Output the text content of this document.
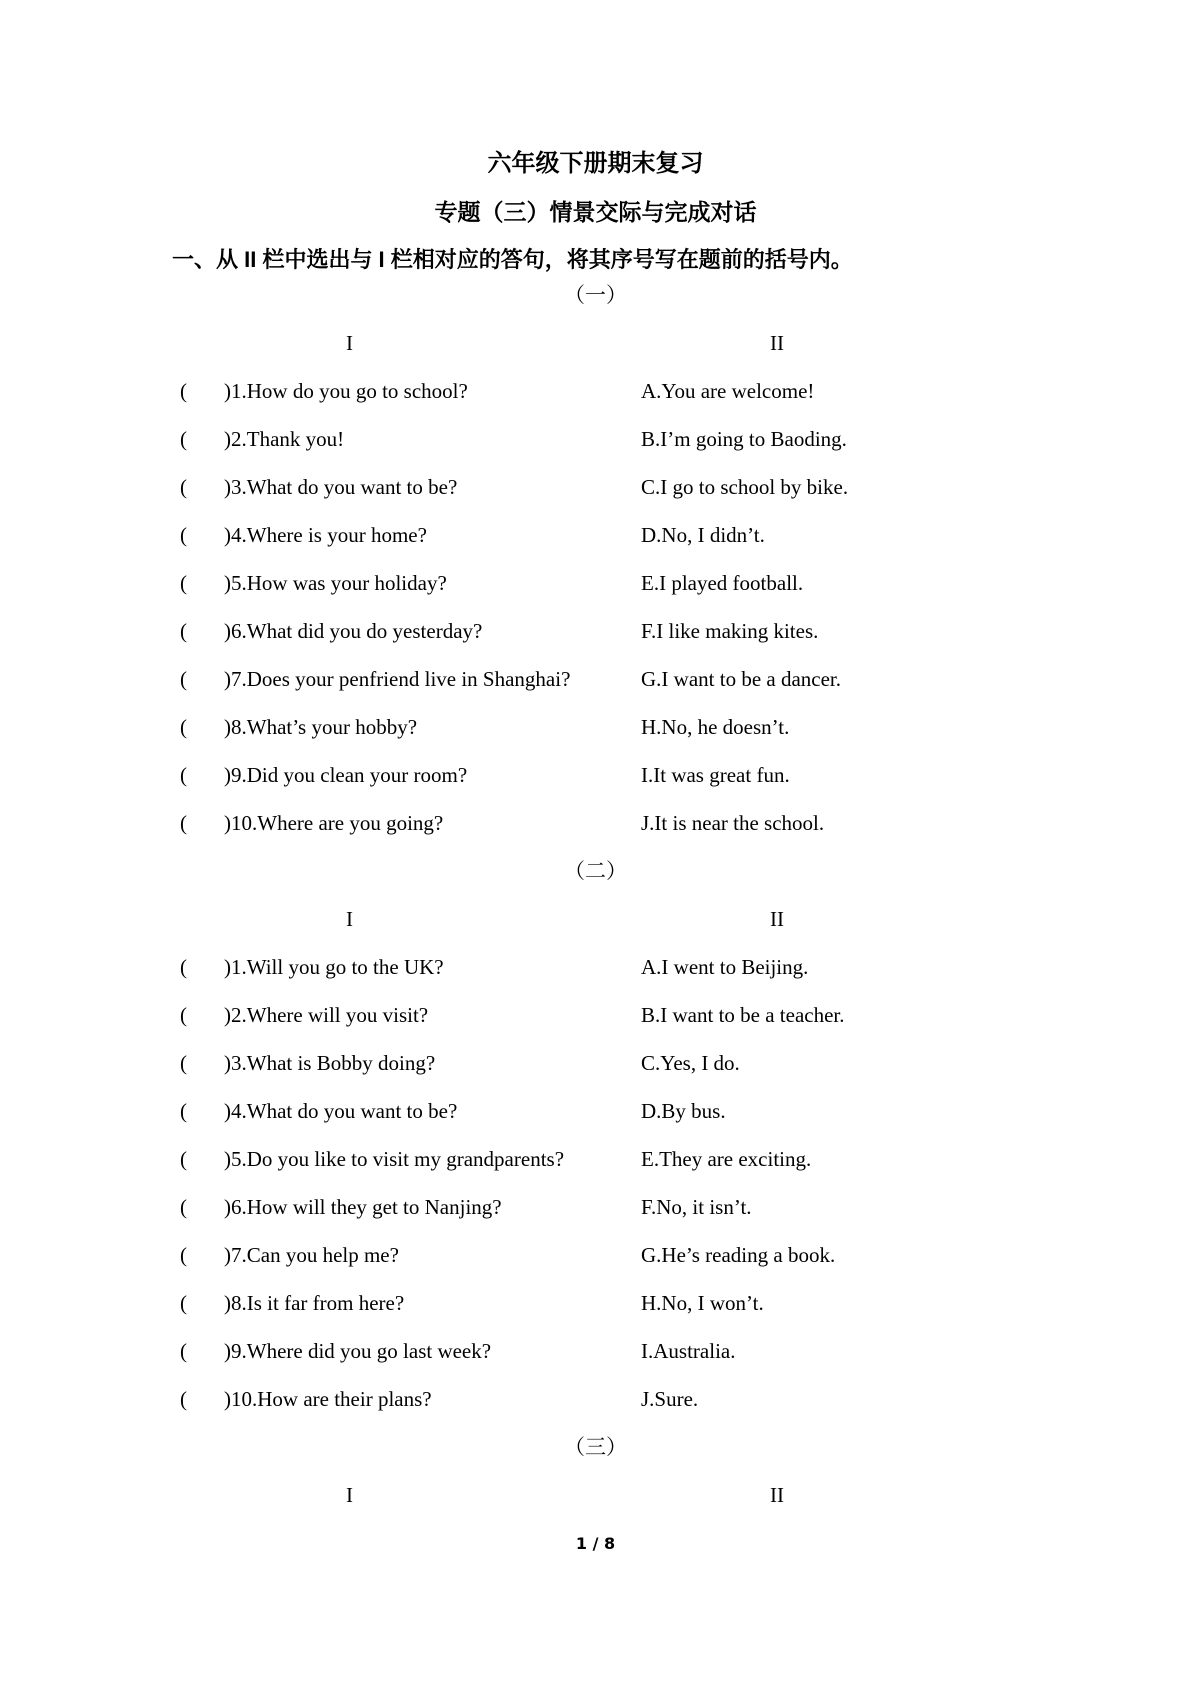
六年级下册期末复习
专题（三）情景交际与完成对话
一、从 II 栏中选出与 I 栏相对应的答句，将其序号写在题前的括号内。
（一）
I	II
( )1.How do you go to school?	A.You are welcome!
( )2.Thank you!	B.I’m going to Baoding.
( )3.What do you want to be?	C.I go to school by bike.
( )4.Where is your home?	D.No, I didn’t.
( )5.How was your holiday?	E.I played football.
( )6.What did you do yesterday?	F.I like making kites.
( )7.Does your penfriend live in Shanghai?	G.I want to be a dancer.
( )8.What’s your hobby?	H.No, he doesn’t.
( )9.Did you clean your room?	I.It was great fun.
( )10.Where are you going?	J.It is near the school.
（二）
I	II
( )1.Will you go to the UK?	A.I went to Beijing.
( )2.Where will you visit?	B.I want to be a teacher.
( )3.What is Bobby doing?	C.Yes, I do.
( )4.What do you want to be?	D.By bus.
( )5.Do you like to visit my grandparents?	E.They are exciting.
( )6.How will they get to Nanjing?	F.No, it isn’t.
( )7.Can you help me?	G.He’s reading a book.
( )8.Is it far from here?	H.No, I won’t.
( )9.Where did you go last week?	I.Australia.
( )10.How are their plans?	J.Sure.
（三）
I	II
1 / 8
